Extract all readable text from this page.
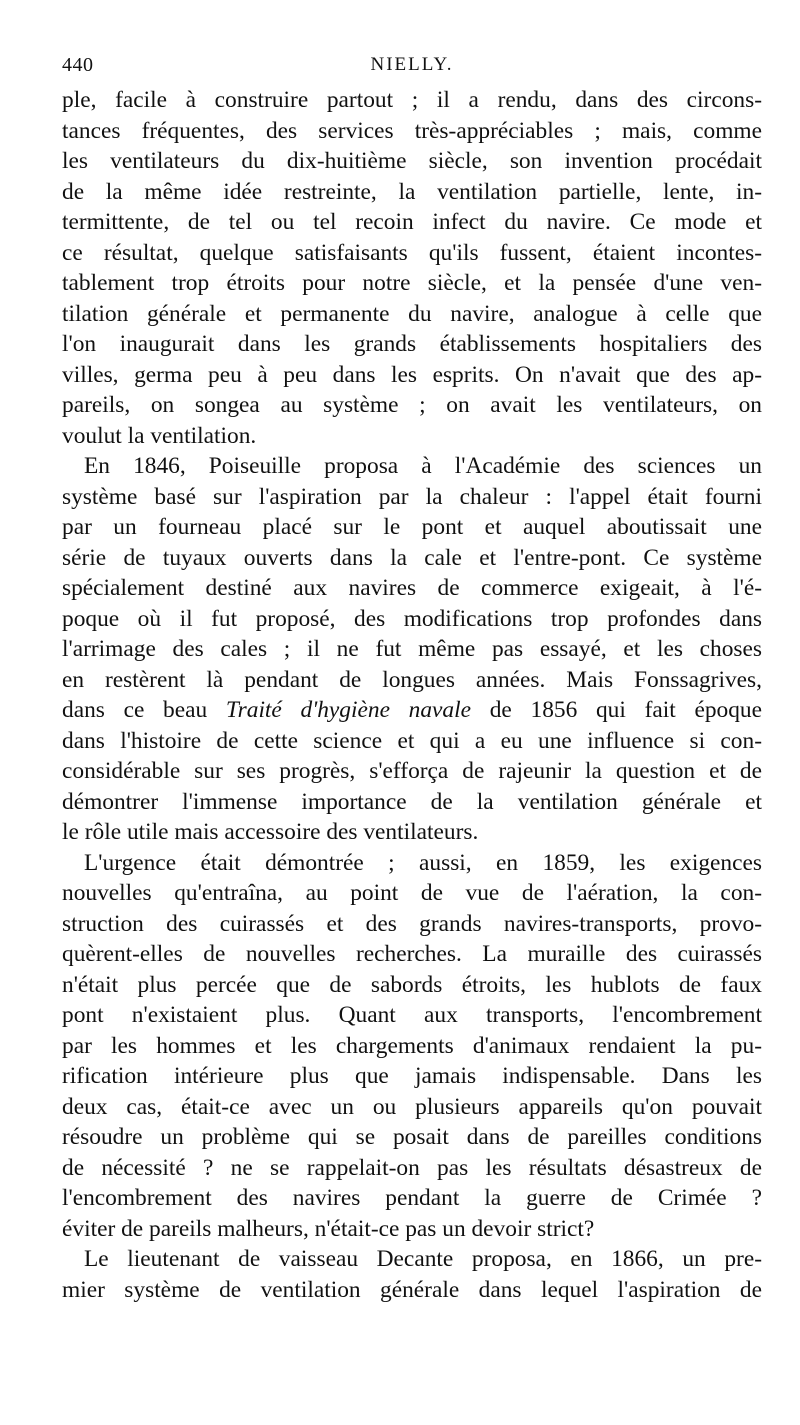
440	NIELLY.
ple, facile à construire partout ; il a rendu, dans des circons-
tances fréquentes, des services très-appréciables ; mais, comme
les ventilateurs du dix-huitième siècle, son invention procédait
de la même idée restreinte, la ventilation partielle, lente, in-
termittente, de tel ou tel recoin infect du navire. Ce mode et
ce résultat, quelque satisfaisants qu'ils fussent, étaient incontes-
tablement trop étroits pour notre siècle, et la pensée d'une ven-
tilation générale et permanente du navire, analogue à celle que
l'on inaugurait dans les grands établissements hospitaliers des
villes, germa peu à peu dans les esprits. On n'avait que des ap-
pareils, on songea au système ; on avait les ventilateurs, on
voulut la ventilation.
En 1846, Poiseuille proposa à l'Académie des sciences un
système basé sur l'aspiration par la chaleur : l'appel était fourni
par un fourneau placé sur le pont et auquel aboutissait une
série de tuyaux ouverts dans la cale et l'entre-pont. Ce système
spécialement destiné aux navires de commerce exigeait, à l'é-
poque où il fut proposé, des modifications trop profondes dans
l'arrimage des cales ; il ne fut même pas essayé, et les choses
en restèrent là pendant de longues années. Mais Fonssagrives,
dans ce beau Traité d'hygiène navale de 1856 qui fait époque
dans l'histoire de cette science et qui a eu une influence si con-
considérable sur ses progrès, s'efforça de rajeunir la question et de
démontrer l'immense importance de la ventilation générale et
le rôle utile mais accessoire des ventilateurs.
L'urgence était démontrée ; aussi, en 1859, les exigences
nouvelles qu'entraîna, au point de vue de l'aération, la con-
struction des cuirassés et des grands navires-transports, provo-
quèrent-elles de nouvelles recherches. La muraille des cuirassés
n'était plus percée que de sabords étroits, les hublots de faux
pont n'existaient plus. Quant aux transports, l'encombrement
par les hommes et les chargements d'animaux rendaient la pu-
rification intérieure plus que jamais indispensable. Dans les
deux cas, était-ce avec un ou plusieurs appareils qu'on pouvait
résoudre un problème qui se posait dans de pareilles conditions
de nécessité ? ne se rappelait-on pas les résultats désastreux de
l'encombrement des navires pendant la guerre de Crimée ?
éviter de pareils malheurs, n'était-ce pas un devoir strict?
Le lieutenant de vaisseau Decante proposa, en 1866, un pre-
mier système de ventilation générale dans lequel l'aspiration de
